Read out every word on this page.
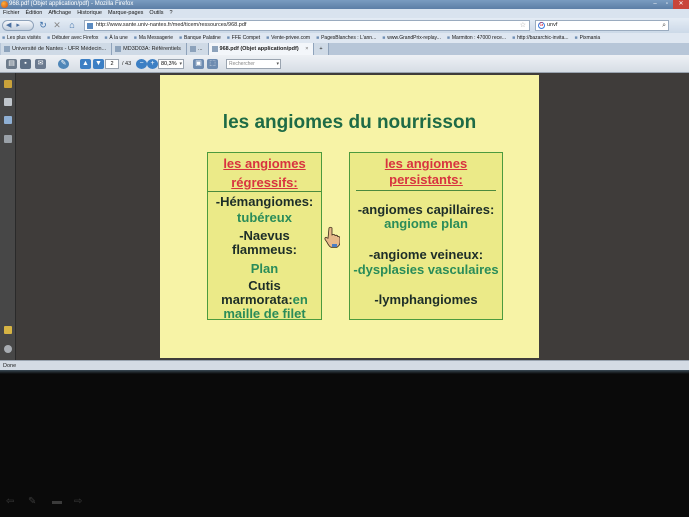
968.pdf (Objet application/pdf) - Mozilla Firefox	–	▫	✕
Fichier Édition Affichage Historique Marque-pages Outils ?
◀ ▸	↻ ✕ ⌂	http://www.sante.univ-nantes.fr/med/ticem/ressources/968.pdf	☆	G unvf	⌕
■ Les plus visités	■ Débuter avec Firefox	■ À la une	■ Ma Messagerie	■ Banque Palatine	■ FFE Compet	■ Vente-privee.com	■ PagesBlanches : L'ann...	■ www.GrandPrix-replay...	■ Marmiton : 47000 rece...	■ http://bazarchic-invita...	■ Pixmania
Université de Nantes - UFR Médecin...	MD3D03A: Référentiels	...	968.pdf (Objet application/pdf) ×	+
▤	▪	✉	✎	▲ ▼	2	/ 43	− +	80,3% ▾	▣	⬚	Rechercher ▾
les angiomes du nourrisson
les angiomes
régressifs:
-Hémangiomes:
tubéreux
-Naevus
flammeus:
Plan
Cutis
marmorata:en
maille de filet
les angiomes
persistants:
-angiomes capillaires:
angiome plan
-angiome veineux:
-dysplasies vasculaires
-lymphangiomes
Done
⇦	✎	▬ ⇨
